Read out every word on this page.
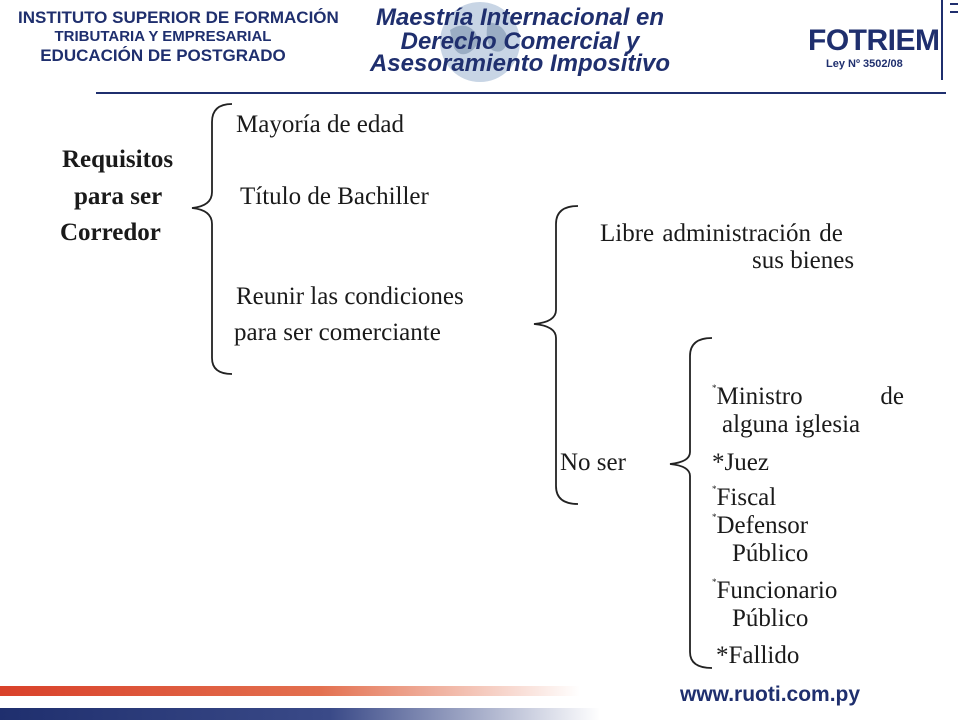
INSTITUTO SUPERIOR DE FORMACIÓN
TRIBUTARIA Y EMPRESARIAL
EDUCACIÓN DE POSTGRADO
Maestría Internacional en
Derecho Comercial y
Asesoramiento Impositivo
FOTRIEM
Ley Nº 3502/08
Requisitos
para ser
Corredor
Mayoría de edad
Título de Bachiller
Reunir las condiciones
para ser comerciante
Libre administración de
sus bienes
No ser
*Ministro	de
alguna iglesia
*Juez
*Fiscal
*Defensor
Público
*Funcionario
Público
*Fallido
www.ruoti.com.py
